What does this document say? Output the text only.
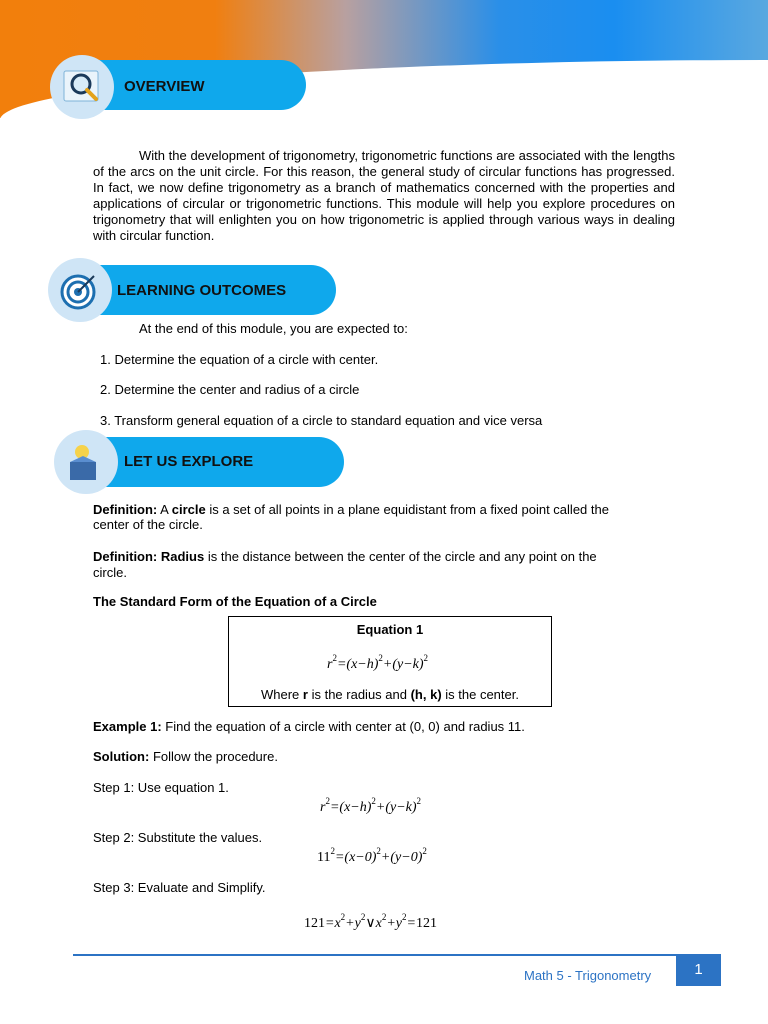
OVERVIEW

With the development of trigonometry, trigonometric functions are associated with the lengths of the arcs on the unit circle. For this reason, the general study of circular functions has progressed. In fact, we now define trigonometry as a branch of mathematics concerned with the properties and applications of circular or trigonometric functions. This module will help you explore procedures on trigonometry that will enlighten you on how trigonometric is applied through various ways in dealing with circular function.

LEARNING OUTCOMES
At the end of this module, you are expected to:
1. Determine the equation of a circle with center.
2. Determine the center and radius of a circle
3. Transform general equation of a circle to standard equation and vice versa
LET US EXPLORE
Definition: A circle is a set of all points in a plane equidistant from a fixed point called the
center of the circle.
Definition: Radius is the distance between the center of the circle and any point on the
circle.
The Standard Form of the Equation of a Circle
Equation 1
$r^2=(x-h)^2+(y-k)^2$
Where r is the radius and (h, k) is the center.
Example 1: Find the equation of a circle with center at (0, 0) and radius 11.
Solution: Follow the procedure.
Step 1: Use equation 1.
$r^2=(x-h)^2+(y-k)^2$
Step 2: Substitute the values.
$11^2=(x-0)^2+(y-0)^2$
Step 3: Evaluate and Simplify.
$121=x^2+y^2\vee x^2+y^2=121$
Math 5 - Trigonometry	1
